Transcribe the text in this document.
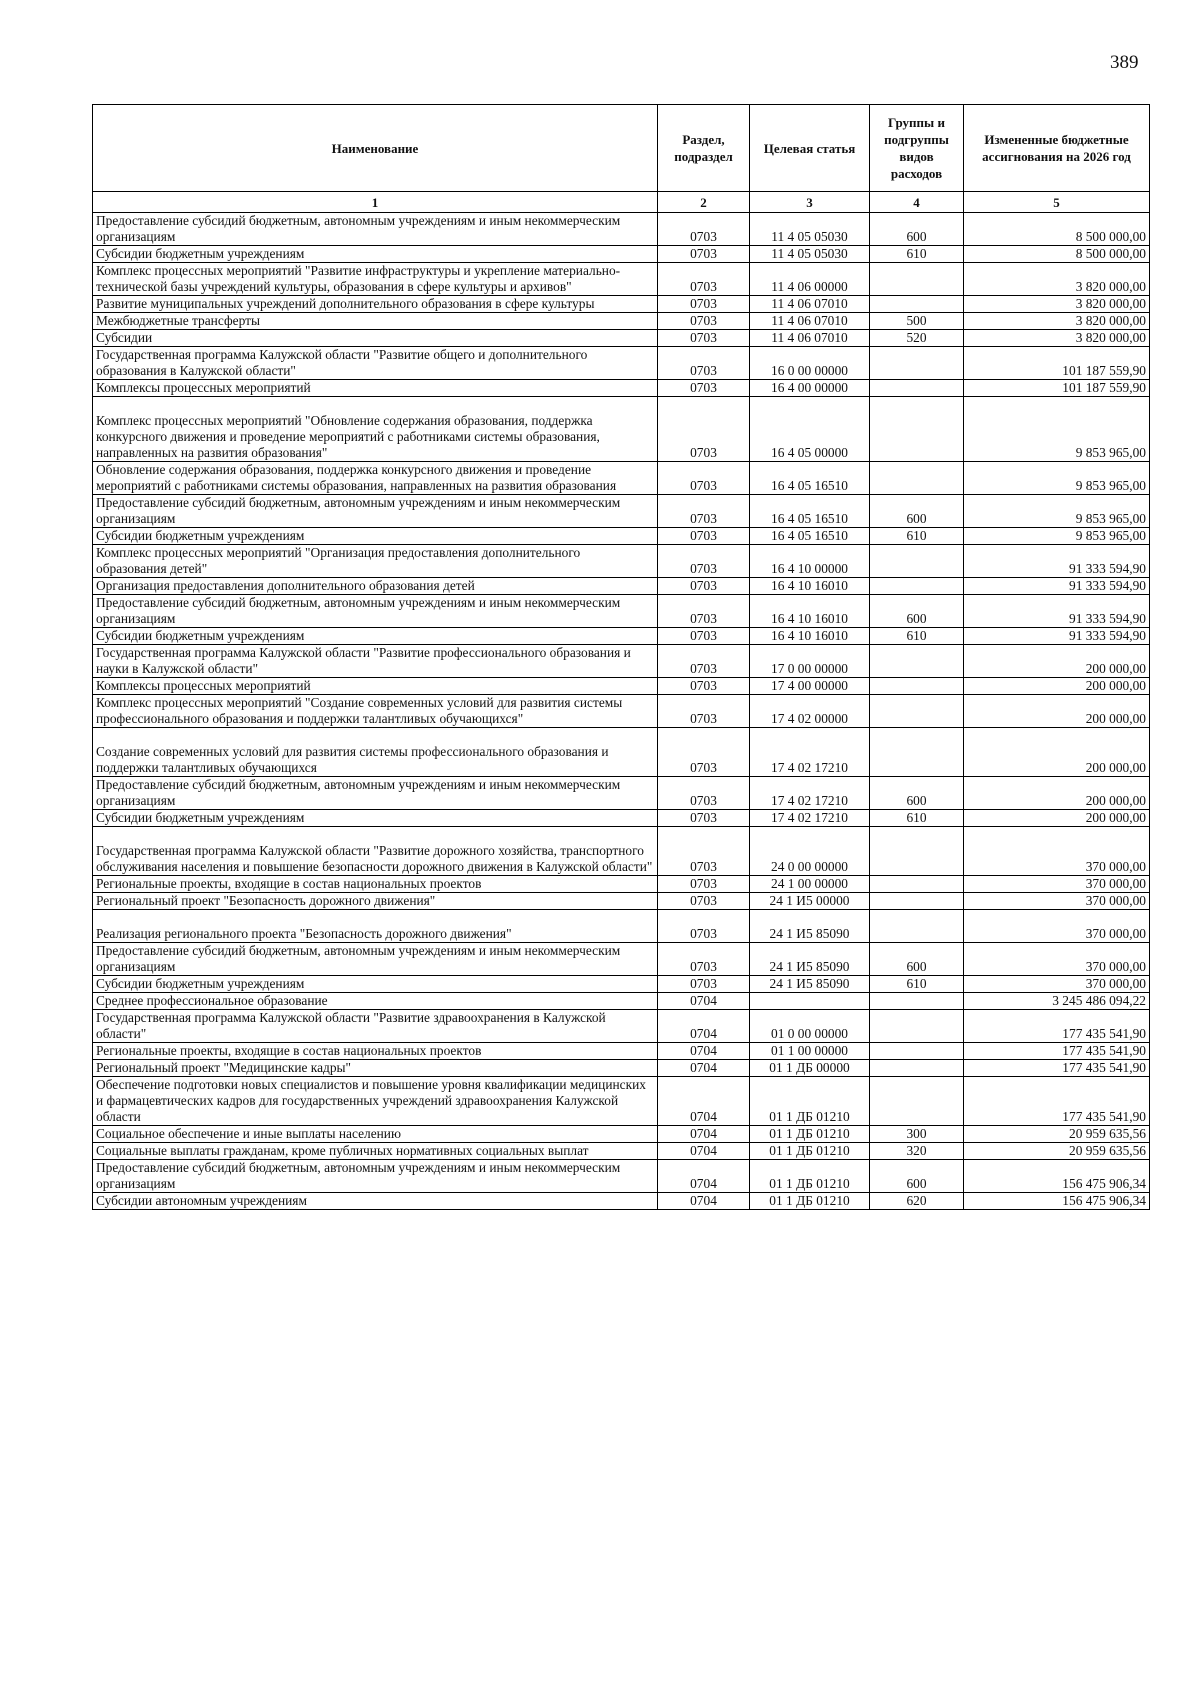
389
Наименование	Раздел, подраздел	Целевая статья	Группы и подгруппы видов расходов	Измененные бюджетные ассигнования на 2026 год
1	2	3	4	5
Предоставление субсидий бюджетным, автономным учреждениям и иным некоммерческим организациям	0703	11 4 05 05030	600	8 500 000,00
Субсидии бюджетным учреждениям	0703	11 4 05 05030	610	8 500 000,00
Комплекс процессных мероприятий "Развитие инфраструктуры и укрепление материально-технической базы учреждений культуры, образования в сфере культуры и архивов"	0703	11 4 06 00000		3 820 000,00
Развитие муниципальных учреждений дополнительного образования в сфере культуры	0703	11 4 06 07010		3 820 000,00
Межбюджетные трансферты	0703	11 4 06 07010	500	3 820 000,00
Субсидии	0703	11 4 06 07010	520	3 820 000,00
Государственная программа Калужской области "Развитие общего и дополнительного образования в Калужской области"	0703	16 0 00 00000		101 187 559,90
Комплексы процессных мероприятий	0703	16 4 00 00000		101 187 559,90
Комплекс процессных мероприятий "Обновление содержания образования, поддержка конкурсного движения и проведение мероприятий с работниками системы образования, направленных на развития образования"	0703	16 4 05 00000		9 853 965,00
Обновление содержания образования, поддержка конкурсного движения и проведение мероприятий с работниками системы образования, направленных на развития образования	0703	16 4 05 16510		9 853 965,00
Предоставление субсидий бюджетным, автономным учреждениям и иным некоммерческим организациям	0703	16 4 05 16510	600	9 853 965,00
Субсидии бюджетным учреждениям	0703	16 4 05 16510	610	9 853 965,00
Комплекс процессных мероприятий "Организация предоставления дополнительного образования детей"	0703	16 4 10 00000		91 333 594,90
Организация предоставления дополнительного образования детей	0703	16 4 10 16010		91 333 594,90
Предоставление субсидий бюджетным, автономным учреждениям и иным некоммерческим организациям	0703	16 4 10 16010	600	91 333 594,90
Субсидии бюджетным учреждениям	0703	16 4 10 16010	610	91 333 594,90
Государственная программа Калужской области "Развитие профессионального образования и науки в Калужской области"	0703	17 0 00 00000		200 000,00
Комплексы процессных мероприятий	0703	17 4 00 00000		200 000,00
Комплекс процессных мероприятий "Создание современных условий для развития системы профессионального образования и поддержки талантливых обучающихся"	0703	17 4 02 00000		200 000,00
Создание современных условий для развития системы профессионального образования и поддержки талантливых обучающихся	0703	17 4 02 17210		200 000,00
Предоставление субсидий бюджетным, автономным учреждениям и иным некоммерческим организациям	0703	17 4 02 17210	600	200 000,00
Субсидии бюджетным учреждениям	0703	17 4 02 17210	610	200 000,00
Государственная программа Калужской области "Развитие дорожного хозяйства, транспортного обслуживания населения и повышение безопасности дорожного движения в Калужской области"	0703	24 0 00 00000		370 000,00
Региональные проекты, входящие в состав национальных проектов	0703	24 1 00 00000		370 000,00
Региональный проект "Безопасность дорожного движения"	0703	24 1 И5 00000		370 000,00
Реализация регионального проекта "Безопасность дорожного движения"	0703	24 1 И5 85090		370 000,00
Предоставление субсидий бюджетным, автономным учреждениям и иным некоммерческим организациям	0703	24 1 И5 85090	600	370 000,00
Субсидии бюджетным учреждениям	0703	24 1 И5 85090	610	370 000,00
Среднее профессиональное образование	0704			3 245 486 094,22
Государственная программа Калужской области "Развитие здравоохранения в Калужской области"	0704	01 0 00 00000		177 435 541,90
Региональные проекты, входящие в состав национальных проектов	0704	01 1 00 00000		177 435 541,90
Региональный проект "Медицинские кадры"	0704	01 1 ДБ 00000		177 435 541,90
Обеспечение подготовки новых специалистов и повышение уровня квалификации медицинских и фармацевтических кадров для государственных учреждений здравоохранения Калужской области	0704	01 1 ДБ 01210		177 435 541,90
Социальное обеспечение и иные выплаты населению	0704	01 1 ДБ 01210	300	20 959 635,56
Социальные выплаты гражданам, кроме публичных нормативных социальных выплат	0704	01 1 ДБ 01210	320	20 959 635,56
Предоставление субсидий бюджетным, автономным учреждениям и иным некоммерческим организациям	0704	01 1 ДБ 01210	600	156 475 906,34
Субсидии автономным учреждениям	0704	01 1 ДБ 01210	620	156 475 906,34
